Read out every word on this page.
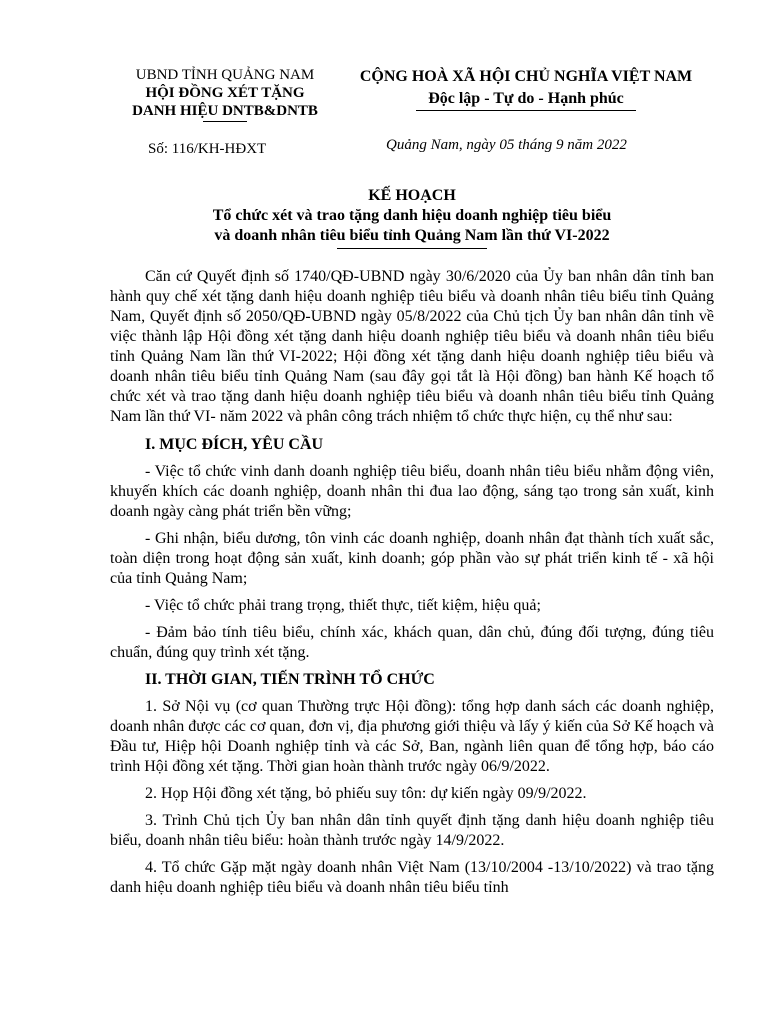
UBND TỈNH QUẢNG NAM
HỘI ĐỒNG XÉT TẶNG
DANH HIỆU DNTB&DNTB
CỘNG HOÀ XÃ HỘI CHỦ NGHĨA VIỆT NAM
Độc lập - Tự do - Hạnh phúc
Số: 116/KH-HĐXT	Quảng Nam, ngày 05 tháng 9 năm 2022
KẾ HOẠCH
Tổ chức xét và trao tặng danh hiệu doanh nghiệp tiêu biểu
và doanh nhân tiêu biểu tỉnh Quảng Nam lần thứ VI-2022

Căn cứ Quyết định số 1740/QĐ-UBND ngày 30/6/2020 của Ủy ban nhân dân tỉnh ban hành quy chế xét tặng danh hiệu doanh nghiệp tiêu biểu và doanh nhân tiêu biểu tỉnh Quảng Nam, Quyết định số 2050/QĐ-UBND ngày 05/8/2022 của Chủ tịch Ủy ban nhân dân tỉnh về việc thành lập Hội đồng xét tặng danh hiệu doanh nghiệp tiêu biểu và doanh nhân tiêu biểu tỉnh Quảng Nam lần thứ VI-2022; Hội đồng xét tặng danh hiệu doanh nghiệp tiêu biểu và doanh nhân tiêu biểu tỉnh Quảng Nam (sau đây gọi tắt là Hội đồng) ban hành Kế hoạch tổ chức xét và trao tặng danh hiệu doanh nghiệp tiêu biểu và doanh nhân tiêu biểu tỉnh Quảng Nam lần thứ VI- năm 2022 và phân công trách nhiệm tổ chức thực hiện, cụ thể như sau:

I. MỤC ĐÍCH, YÊU CẦU

- Việc tổ chức vinh danh doanh nghiệp tiêu biểu, doanh nhân tiêu biểu nhằm động viên, khuyến khích các doanh nghiệp, doanh nhân thi đua lao động, sáng tạo trong sản xuất, kinh doanh ngày càng phát triển bền vững;

- Ghi nhận, biểu dương, tôn vinh các doanh nghiệp, doanh nhân đạt thành tích xuất sắc, toàn diện trong hoạt động sản xuất, kinh doanh; góp phần vào sự phát triển kinh tế - xã hội của tỉnh Quảng Nam;

- Việc tổ chức phải trang trọng, thiết thực, tiết kiệm, hiệu quả;

- Đảm bảo tính tiêu biểu, chính xác, khách quan, dân chủ, đúng đối tượng, đúng tiêu chuẩn, đúng quy trình xét tặng.

II. THỜI GIAN, TIẾN TRÌNH TỔ CHỨC

1. Sở Nội vụ (cơ quan Thường trực Hội đồng): tổng hợp danh sách các doanh nghiệp, doanh nhân được các cơ quan, đơn vị, địa phương giới thiệu và lấy ý kiến của Sở Kế hoạch và Đầu tư, Hiệp hội Doanh nghiệp tỉnh và các Sở, Ban, ngành liên quan để tổng hợp, báo cáo trình Hội đồng xét tặng. Thời gian hoàn thành trước ngày 06/9/2022.

2. Họp Hội đồng xét tặng, bỏ phiếu suy tôn: dự kiến ngày 09/9/2022.

3. Trình Chủ tịch Ủy ban nhân dân tỉnh quyết định tặng danh hiệu doanh nghiệp tiêu biểu, doanh nhân tiêu biểu: hoàn thành trước ngày 14/9/2022.

4. Tổ chức Gặp mặt ngày doanh nhân Việt Nam (13/10/2004 -13/10/2022) và trao tặng danh hiệu doanh nghiệp tiêu biểu và doanh nhân tiêu biểu tỉnh
